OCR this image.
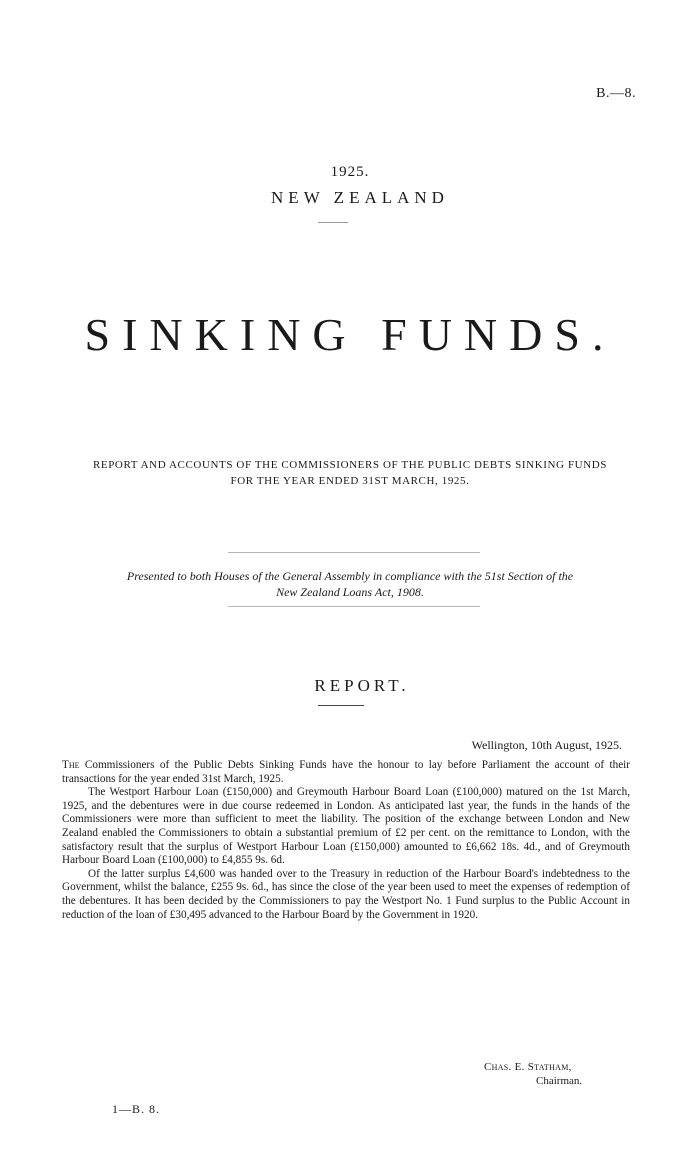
B.—8.
1925.
NEW ZEALAND
SINKING FUNDS.
REPORT AND ACCOUNTS OF THE COMMISSIONERS OF THE PUBLIC DEBTS SINKING FUNDS
FOR THE YEAR ENDED 31ST MARCH, 1925.
Presented to both Houses of the General Assembly in compliance with the 51st Section of the
New Zealand Loans Act, 1908.
REPORT.
Wellington, 10th August, 1925.

The Commissioners of the Public Debts Sinking Funds have the honour to lay before Parliament the account of their transactions for the year ended 31st March, 1925.

The Westport Harbour Loan (£150,000) and Greymouth Harbour Board Loan (£100,000) matured on the 1st March, 1925, and the debentures were in due course redeemed in London. As anticipated last year, the funds in the hands of the Commissioners were more than sufficient to meet the liability. The position of the exchange between London and New Zealand enabled the Commissioners to obtain a substantial premium of £2 per cent. on the remittance to London, with the satisfactory result that the surplus of Westport Harbour Loan (£150,000) amounted to £6,662 18s. 4d., and of Greymouth Harbour Board Loan (£100,000) to £4,855 9s. 6d.

Of the latter surplus £4,600 was handed over to the Treasury in reduction of the Harbour Board's indebtedness to the Government, whilst the balance, £255 9s. 6d., has since the close of the year been used to meet the expenses of redemption of the debentures. It has been decided by the Commissioners to pay the Westport No. 1 Fund surplus to the Public Account in reduction of the loan of £30,495 advanced to the Harbour Board by the Government in 1920.

Chas. E. Statham,
Chairman.
1—B. 8.
